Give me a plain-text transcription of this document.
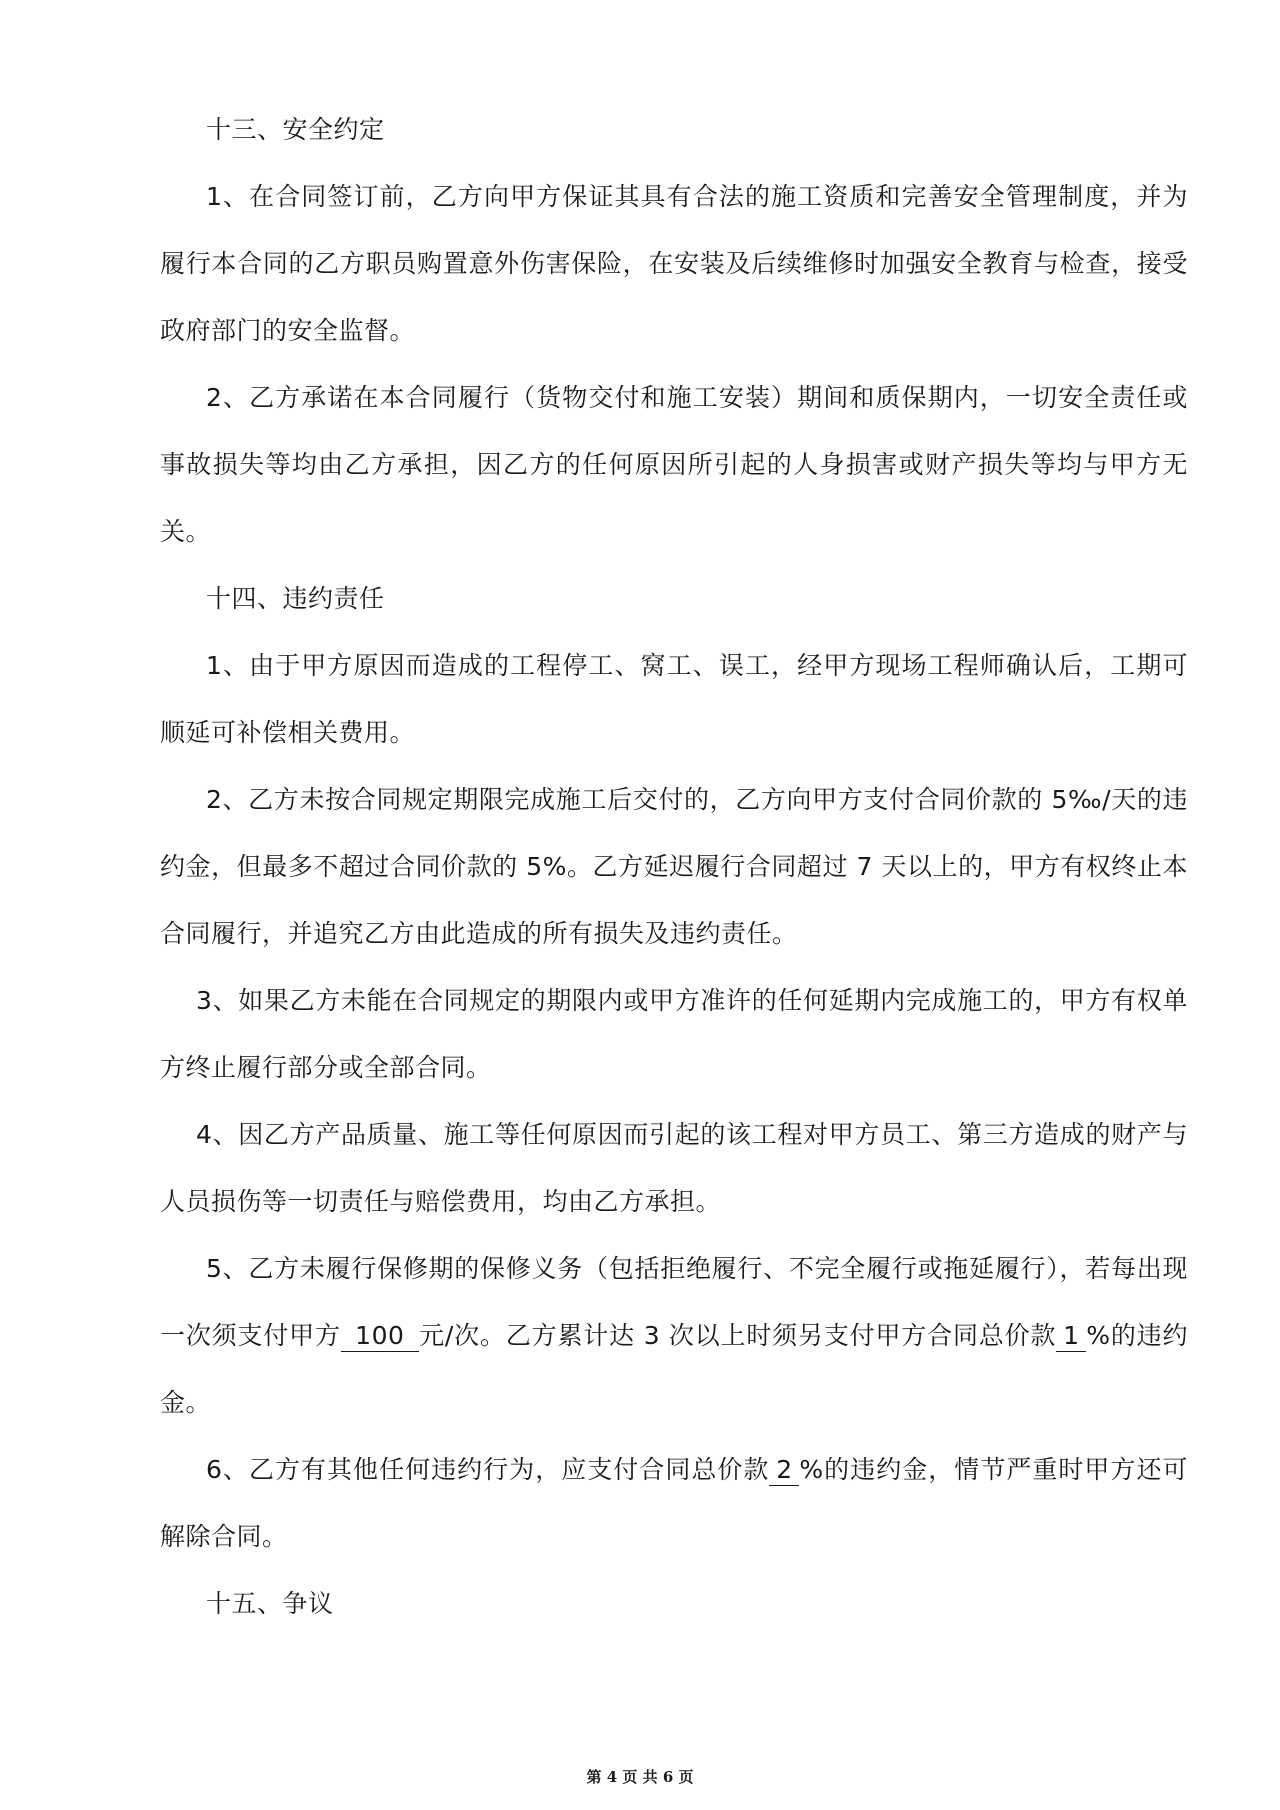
十三、安全约定

1、在合同签订前，乙方向甲方保证其具有合法的施工资质和完善安全管理制度，并为履行本合同的乙方职员购置意外伤害保险，在安装及后续维修时加强安全教育与检查，接受政府部门的安全监督。

2、乙方承诺在本合同履行（货物交付和施工安装）期间和质保期内，一切安全责任或事故损失等均由乙方承担，因乙方的任何原因所引起的人身损害或财产损失等均与甲方无关。

十四、违约责任

1、由于甲方原因而造成的工程停工、窝工、误工，经甲方现场工程师确认后，工期可顺延可补偿相关费用。

2、乙方未按合同规定期限完成施工后交付的，乙方向甲方支付合同价款的 5‰/天的违约金，但最多不超过合同价款的 5%。乙方延迟履行合同超过 7 天以上的，甲方有权终止本合同履行，并追究乙方由此造成的所有损失及违约责任。

3、如果乙方未能在合同规定的期限内或甲方准许的任何延期内完成施工的，甲方有权单方终止履行部分或全部合同。

4、因乙方产品质量、施工等任何原因而引起的该工程对甲方员工、第三方造成的财产与人员损伤等一切责任与赔偿费用，均由乙方承担。

5、乙方未履行保修期的保修义务（包括拒绝履行、不完全履行或拖延履行），若每出现一次须支付甲方 100 元/次。乙方累计达 3 次以上时须另支付甲方合同总价款 1 %的违约金。

6、乙方有其他任何违约行为，应支付合同总价款 2 %的违约金，情节严重时甲方还可解除合同。

十五、争议
第 4 页 共 6 页
